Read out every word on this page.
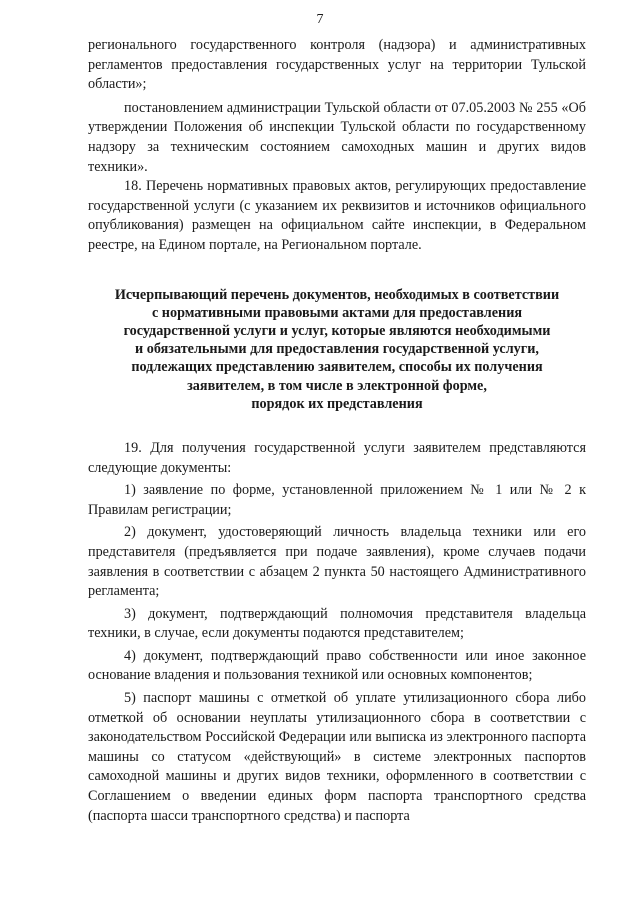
7

регионального государственного контроля (надзора) и административных регламентов предоставления государственных услуг на территории Тульской области»;

постановлением администрации Тульской области от 07.05.2003 № 255 «Об утверждении Положения об инспекции Тульской области по государственному надзору за техническим состоянием самоходных машин и других видов техники».

18. Перечень нормативных правовых актов, регулирующих предоставление государственной услуги (с указанием их реквизитов и источников официального опубликования) размещен на официальном сайте инспекции, в Федеральном реестре, на Едином портале, на Региональном портале.

Исчерпывающий перечень документов, необходимых в соответствии
с нормативными правовыми актами для предоставления
государственной услуги и услуг, которые являются необходимыми
и обязательными для предоставления государственной услуги,
подлежащих представлению заявителем, способы их получения
заявителем, в том числе в электронной форме,
порядок их представления

19. Для получения государственной услуги заявителем представляются следующие документы:

1) заявление по форме, установленной приложением № 1 или № 2 к Правилам регистрации;

2) документ, удостоверяющий личность владельца техники или его представителя (предъявляется при подаче заявления), кроме случаев подачи заявления в соответствии с абзацем 2 пункта 50 настоящего Административного регламента;

3) документ, подтверждающий полномочия представителя владельца техники, в случае, если документы подаются представителем;

4) документ, подтверждающий право собственности или иное законное основание владения и пользования техникой или основных компонентов;

5) паспорт машины с отметкой об уплате утилизационного сбора либо отметкой об основании неуплаты утилизационного сбора в соответствии с законодательством Российской Федерации или выписка из электронного паспорта машины со статусом «действующий» в системе электронных паспортов самоходной машины и других видов техники, оформленного в соответствии с Соглашением о введении единых форм паспорта транспортного средства (паспорта шасси транспортного средства) и паспорта
